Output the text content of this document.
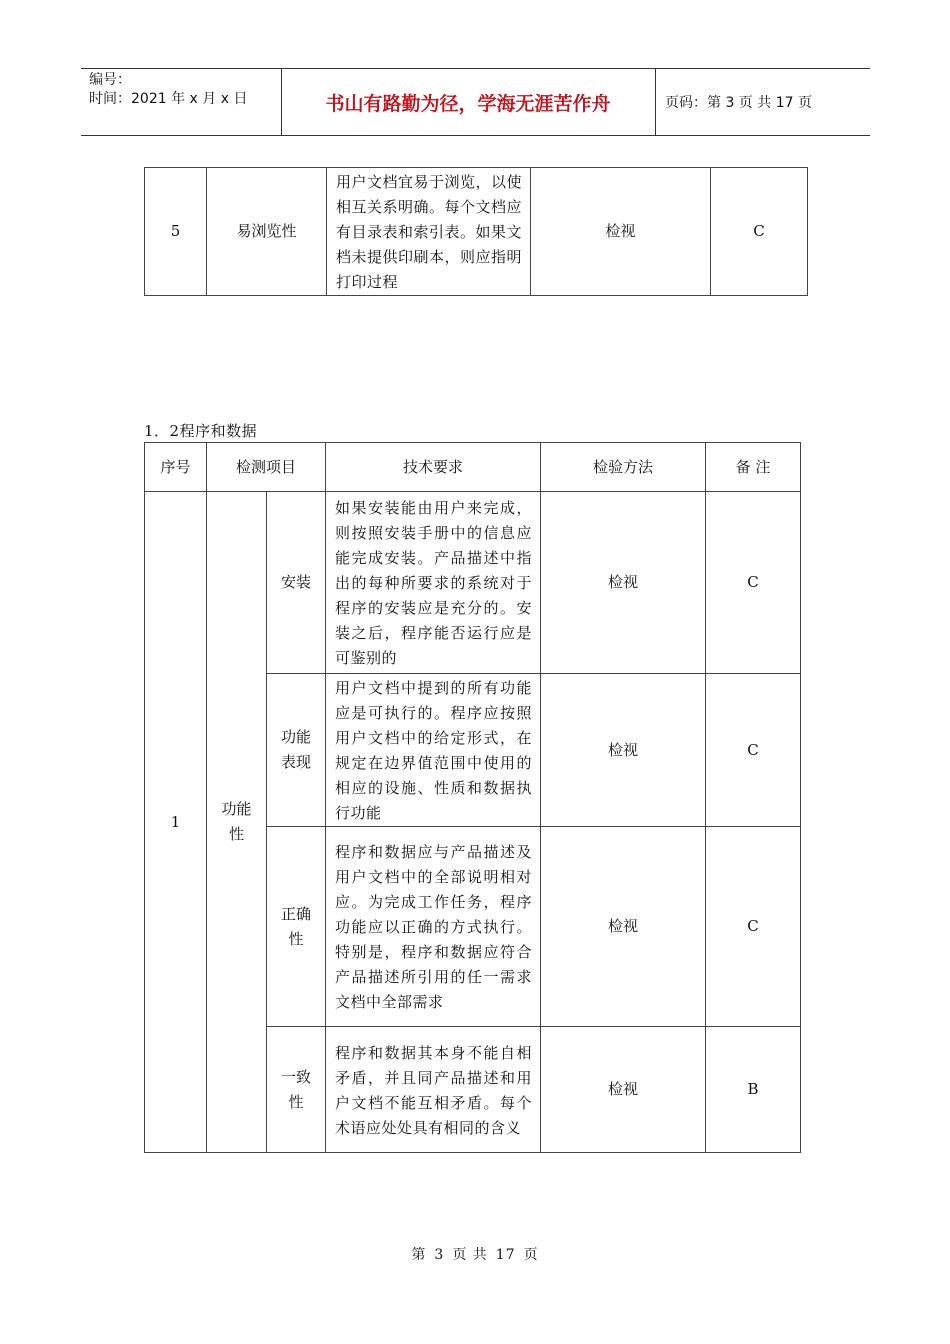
编号：
时间：2021 年 x 月 x 日	书山有路勤为径，学海无涯苦作舟	页码：第 3 页 共 17 页
5	易浏览性	用户文档宜易于浏览，以使相互关系明确。每个文档应有目录表和索引表。如果文档未提供印刷本，则应指明打印过程	检视	C
1．2程序和数据
序号	检测项目		技术要求	检验方法	备 注
1	功能性	安装	如果安装能由用户来完成，则按照安装手册中的信息应能完成安装。产品描述中指出的每种所要求的系统对于程序的安装应是充分的。安装之后，程序能否运行应是可鉴别的	检视	C
		功能表现	用户文档中提到的所有功能应是可执行的。程序应按照用户文档中的给定形式，在规定在边界值范围中使用的相应的设施、性质和数据执行功能	检视	C
		正确性	程序和数据应与产品描述及用户文档中的全部说明相对应。为完成工作任务，程序功能应以正确的方式执行。特别是，程序和数据应符合产品描述所引用的任一需求文档中全部需求	检视	C
		一致性	程序和数据其本身不能自相矛盾，并且同产品描述和用户文档不能互相矛盾。每个术语应处处具有相同的含义	检视	B
第 3 页 共 17 页
